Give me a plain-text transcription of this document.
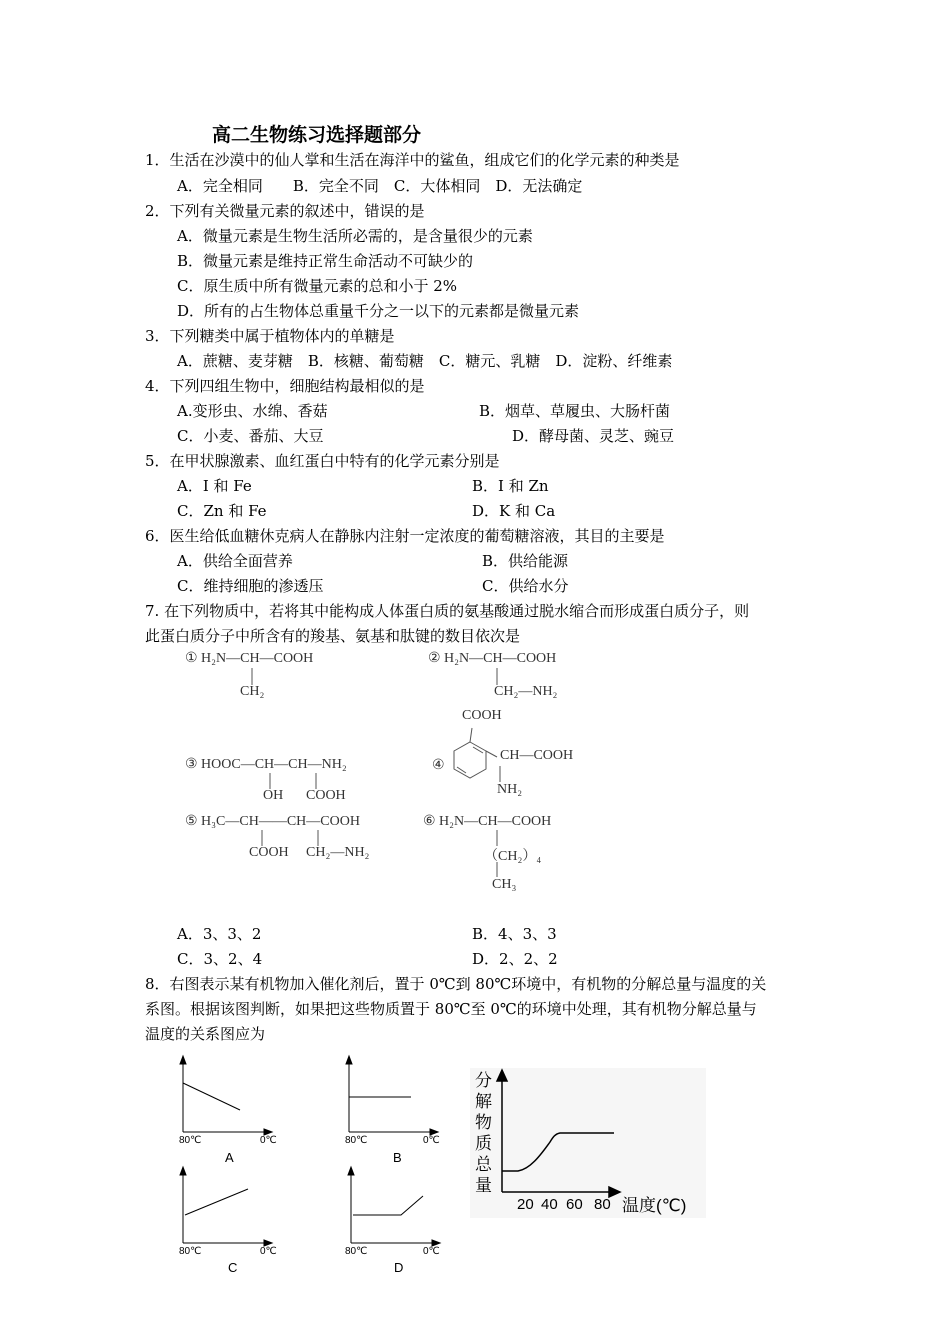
高二生物练习选择题部分
1．生活在沙漠中的仙人掌和生活在海洋中的鲨鱼，组成它们的化学元素的种类是
A．完全相同　　B．完全不同　C．大体相同　D．无法确定
2．下列有关微量元素的叙述中，错误的是
A．微量元素是生物生活所必需的，是含量很少的元素
B．微量元素是维持正常生命活动不可缺少的
C．原生质中所有微量元素的总和小于 2%
D．所有的占生物体总重量千分之一以下的元素都是微量元素
3．下列糖类中属于植物体内的单糖是
A．蔗糖、麦芽糖　B．核糖、葡萄糖　C．糖元、乳糖　D．淀粉、纤维素
4．下列四组生物中，细胞结构最相似的是
A.变形虫、水绵、香菇	B．烟草、草履虫、大肠杆菌
C．小麦、番茄、大豆	D．酵母菌、灵芝、豌豆
5．在甲状腺激素、血红蛋白中特有的化学元素分别是
A．I 和 Fe	B．I 和 Zn
C．Zn 和 Fe	D．K 和 Ca
6．医生给低血糖休克病人在静脉内注射一定浓度的葡萄糖溶液，其目的主要是
A．供给全面营养	B．供给能源
C．维持细胞的渗透压	C．供给水分
7. 在下列物质中，若将其中能构成人体蛋白质的氨基酸通过脱水缩合而形成蛋白质分子，则
此蛋白质分子中所含有的羧基、氨基和肽键的数目依次是
① H₂N—CH—COOH
CH₂
② H₂N—CH—COOH
CH₂—NH₂
COOH
④
CH—COOH
NH₂
③ HOOC—CH—CH—NH₂
OH COOH
⑤ H₃C—CH——CH—COOH
COOH CH₂—NH₂
⑥ H₂N—CH—COOH
（CH₂）₄
CH₃
A．3、3、2	B．4、3、3
C．3、2、4	D．2、2、2
8．右图表示某有机物加入催化剂后，置于 0℃到 80℃环境中，有机物的分解总量与温度的关
系图。根据该图判断，如果把这些物质置于 80℃至 0℃的环境中处理，其有机物分解总量与
温度的关系图应为
80℃	0℃	80℃	0℃
80℃	0℃	80℃	0℃
A	B
C	D
分
解
物
质
总
量
20 40 60 80 温度(℃)
